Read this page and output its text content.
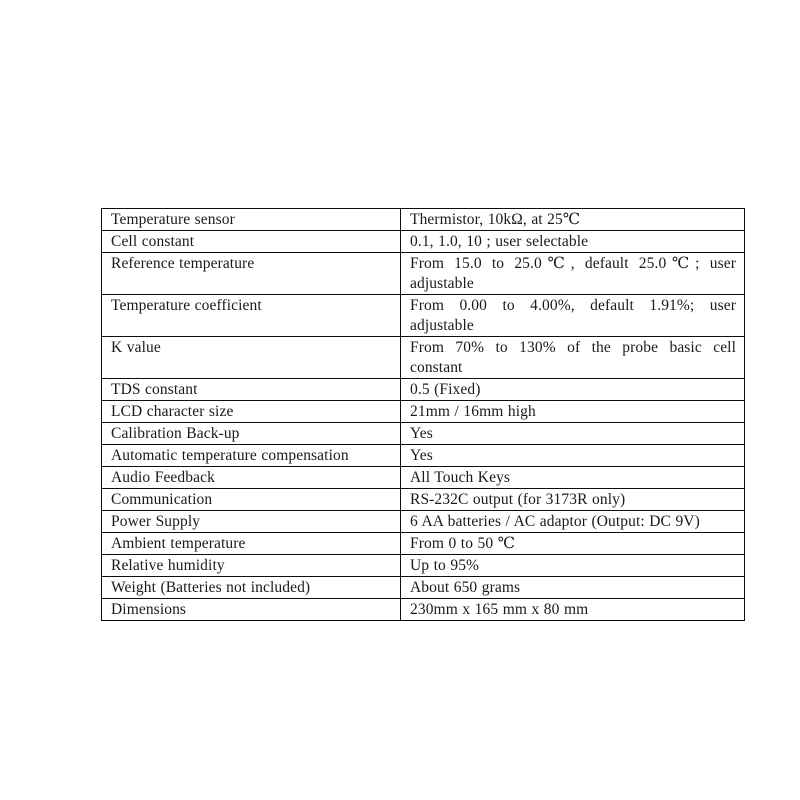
Temperature sensor	Thermistor, 10kΩ, at 25℃
Cell constant	0.1, 1.0, 10 ; user selectable
Reference temperature	From 15.0 to 25.0℃, default 25.0℃; user adjustable
Temperature coefficient	From 0.00 to 4.00%, default 1.91%; user adjustable
K value	From 70% to 130% of the probe basic cell constant
TDS constant	0.5 (Fixed)
LCD character size	21mm / 16mm high
Calibration Back-up	Yes
Automatic temperature compensation	Yes
Audio Feedback	All Touch Keys
Communication	RS-232C output (for 3173R only)
Power Supply	6 AA batteries / AC adaptor (Output: DC 9V)
Ambient temperature	From 0 to 50 ℃
Relative humidity	Up to 95%
Weight (Batteries not included)	About 650 grams
Dimensions	230mm x 165 mm x 80 mm
